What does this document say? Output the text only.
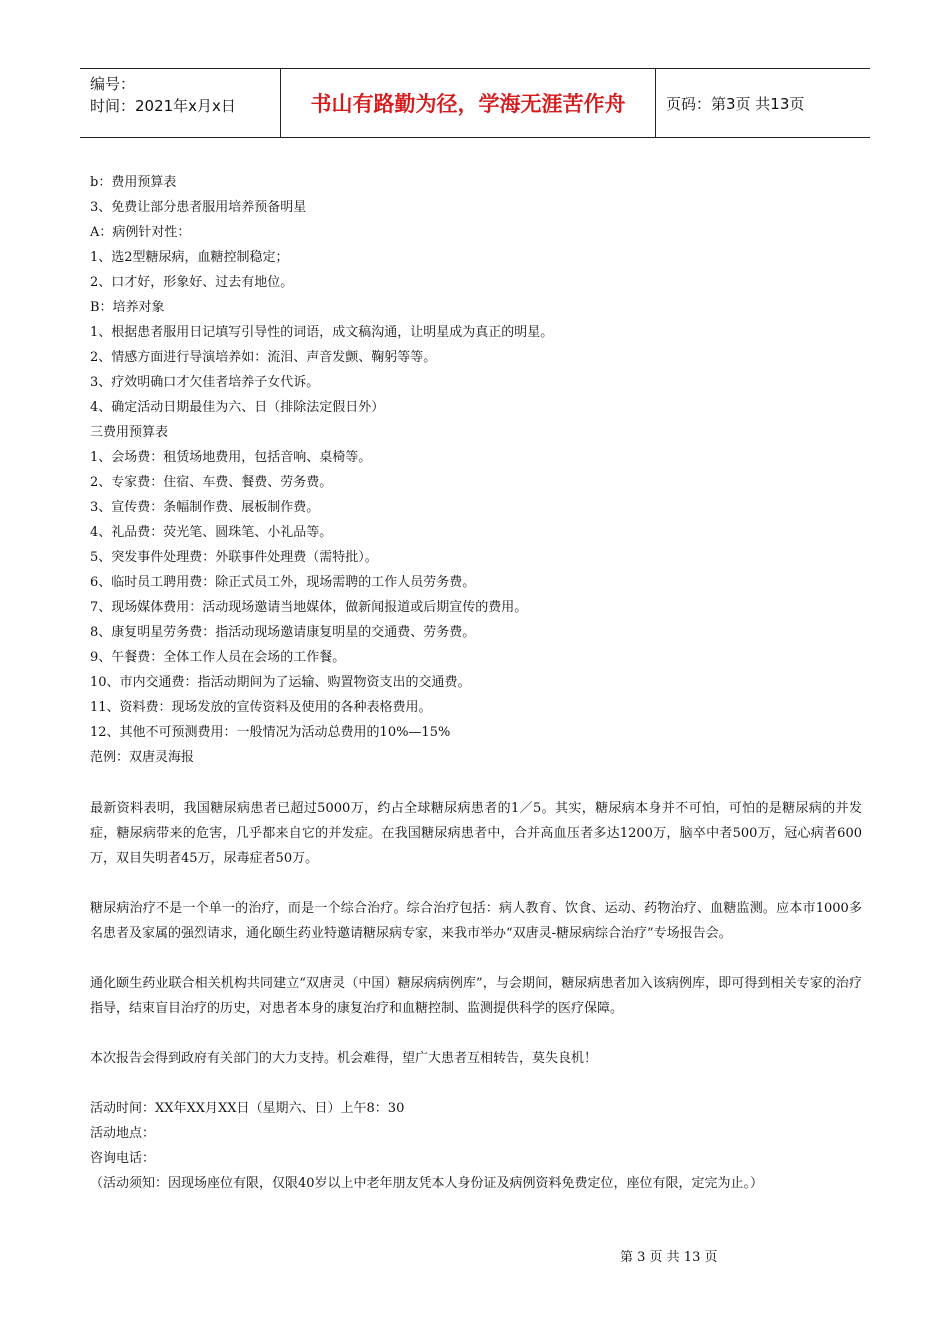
编号：
时间：2021年x月x日	书山有路勤为径，学海无涯苦作舟	页码：第3页 共13页
b：费用预算表
3、免费让部分患者服用培养预备明星
A：病例针对性：
1、选2型糖尿病，血糖控制稳定；
2、口才好，形象好、过去有地位。
B：培养对象
1、根据患者服用日记填写引导性的词语，成文稿沟通，让明星成为真正的明星。
2、情感方面进行导演培养如：流泪、声音发颤、鞠躬等等。
3、疗效明确口才欠佳者培养子女代诉。
4、确定活动日期最佳为六、日（排除法定假日外）
三费用预算表
1、会场费：租赁场地费用，包括音响、桌椅等。
2、专家费：住宿、车费、餐费、劳务费。
3、宣传费：条幅制作费、展板制作费。
4、礼品费：荧光笔、圆珠笔、小礼品等。
5、突发事件处理费：外联事件处理费（需特批）。
6、临时员工聘用费：除正式员工外，现场需聘的工作人员劳务费。
7、现场媒体费用：活动现场邀请当地媒体，做新闻报道或后期宣传的费用。
8、康复明星劳务费：指活动现场邀请康复明星的交通费、劳务费。
9、午餐费：全体工作人员在会场的工作餐。
10、市内交通费：指活动期间为了运输、购置物资支出的交通费。
11、资料费：现场发放的宣传资料及使用的各种表格费用。
12、其他不可预测费用：一般情况为活动总费用的10%—15%
范例：双唐灵海报
最新资料表明，我国糖尿病患者已超过5000万，约占全球糖尿病患者的1／5。其实，糖尿病本身并不可怕，可怕的是糖尿病的并发症，糖尿病带来的危害，几乎都来自它的并发症。在我国糖尿病患者中，合并高血压者多达1200万，脑卒中者500万，冠心病者600万，双目失明者45万，尿毒症者50万。
糖尿病治疗不是一个单一的治疗，而是一个综合治疗。综合治疗包括：病人教育、饮食、运动、药物治疗、血糖监测。应本市1000多名患者及家属的强烈请求，通化颐生药业特邀请糖尿病专家，来我市举办“双唐灵-糖尿病综合治疗”专场报告会。
通化颐生药业联合相关机构共同建立“双唐灵（中国）糖尿病病例库”，与会期间，糖尿病患者加入该病例库，即可得到相关专家的治疗指导，结束盲目治疗的历史，对患者本身的康复治疗和血糖控制、监测提供科学的医疗保障。
本次报告会得到政府有关部门的大力支持。机会难得，望广大患者互相转告，莫失良机！
活动时间：XX年XX月XX日（星期六、日）上午8：30
活动地点：
咨询电话：
（活动须知：因现场座位有限，仅限40岁以上中老年朋友凭本人身份证及病例资料免费定位，座位有限，定完为止。）
第 3 页 共 13 页
